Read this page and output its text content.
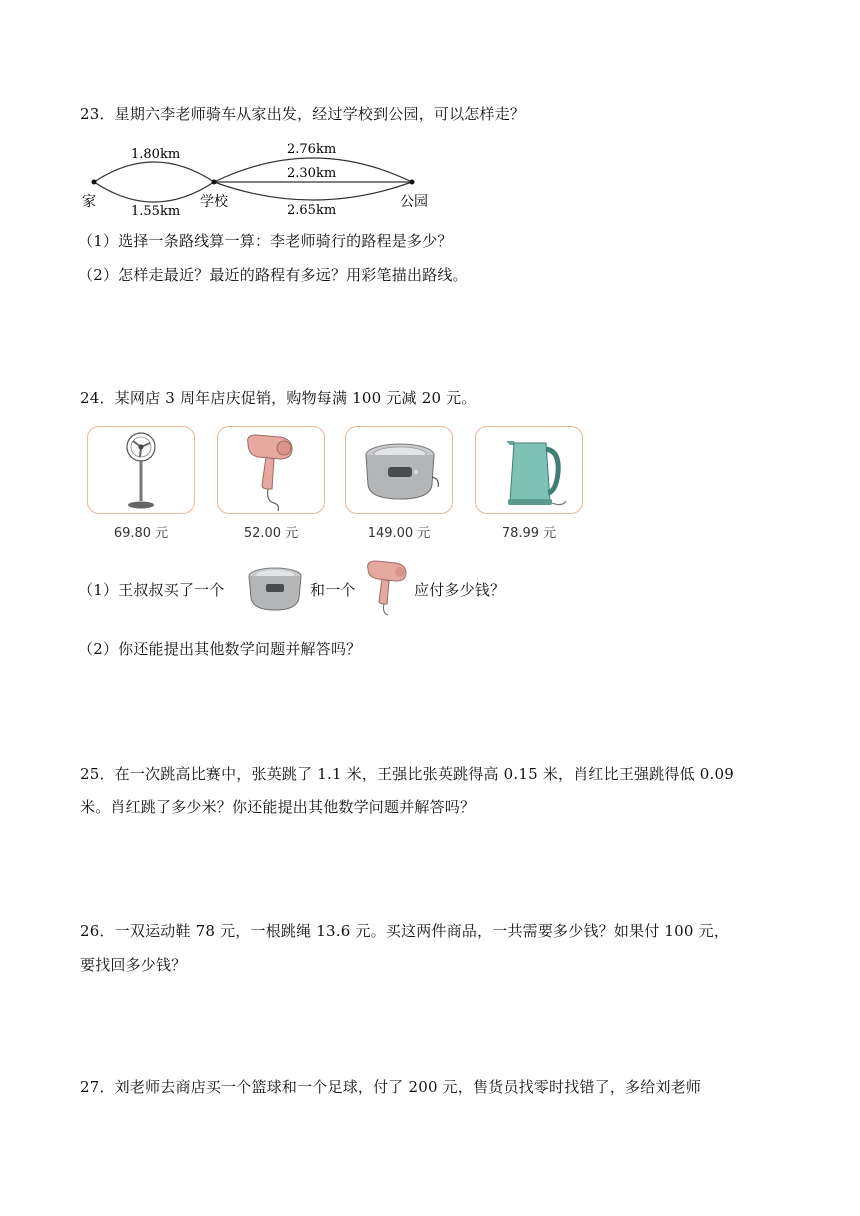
23．星期六李老师骑车从家出发，经过学校到公园，可以怎样走？
1.80km
1.55km
2.76km
2.30km
2.65km
家	学校	公园
（1）选择一条路线算一算：李老师骑行的路程是多少？
（2）怎样走最近？最近的路程有多远？用彩笔描出路线。
24．某网店 3 周年店庆促销，购物每满 100 元减 20 元。
69.80 元	52.00 元	149.00 元	78.99 元
（1）王叔叔买了一个	和一个	应付多少钱？
（2）你还能提出其他数学问题并解答吗？
25．在一次跳高比赛中，张英跳了 1.1 米，王强比张英跳得高 0.15 米，肖红比王强跳得低 0.09
米。肖红跳了多少米？你还能提出其他数学问题并解答吗？
26．一双运动鞋 78 元，一根跳绳 13.6 元。买这两件商品，一共需要多少钱？如果付 100 元，
要找回多少钱？
27．刘老师去商店买一个篮球和一个足球，付了 200 元，售货员找零时找错了，多给刘老师
